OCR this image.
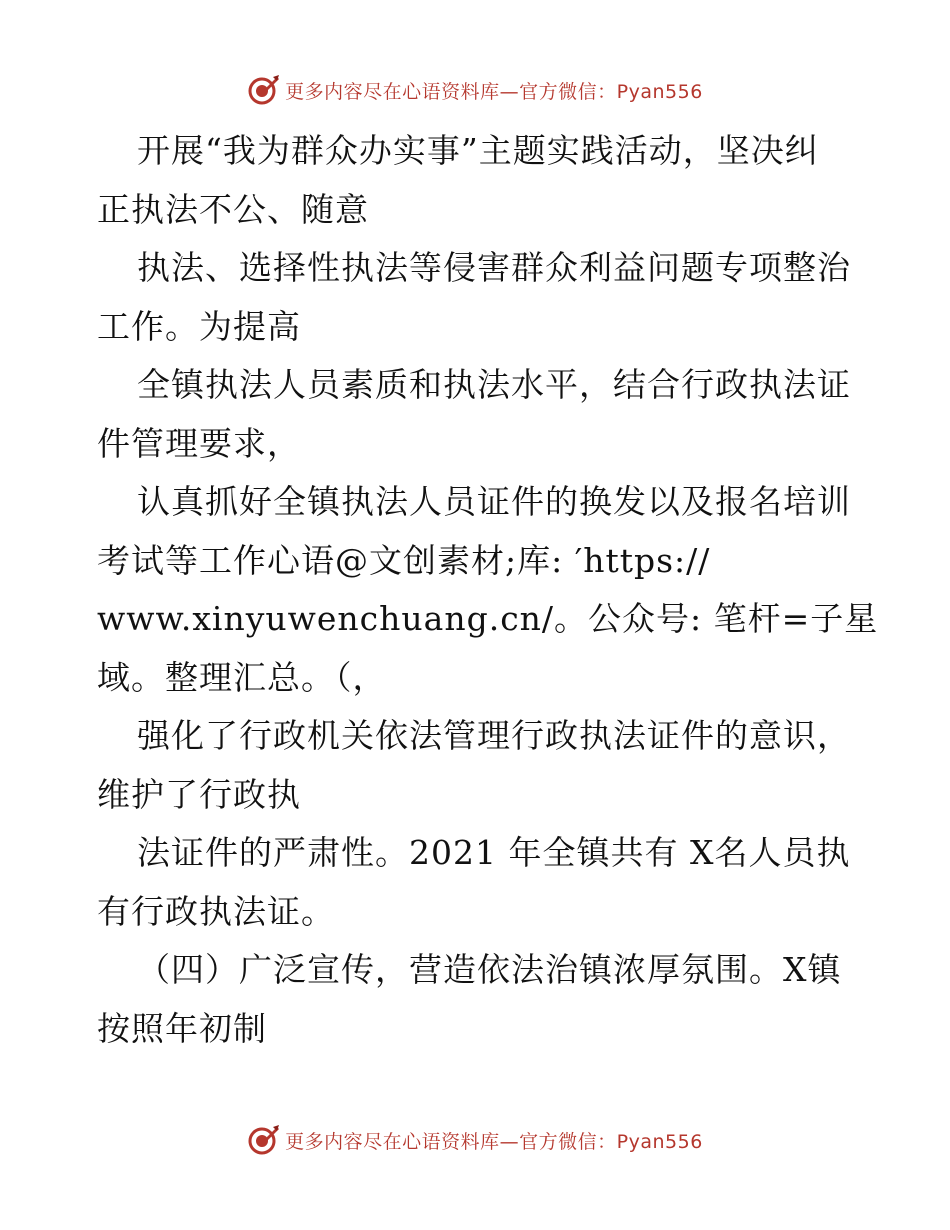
更多内容尽在心语资料库—官方微信：Pyan556
开展“我为群众办实事”主题实践活动，坚决纠
正执法不公、随意
执法、选择性执法等侵害群众利益问题专项整治
工作。为提高
全镇执法人员素质和执法水平，结合行政执法证
件管理要求，
认真抓好全镇执法人员证件的换发以及报名培训
考试等工作心语@文创素材;库: ′https://
www.xinyuwenchuang.cn/。公众号: 笔杆=子星
域。整理汇总。（，
强化了行政机关依法管理行政执法证件的意识，
维护了行政执
法证件的严肃性。2021 年全镇共有 X名人员执
有行政执法证。
（四）广泛宣传，营造依法治镇浓厚氛围。X镇
按照年初制
更多内容尽在心语资料库—官方微信：Pyan556
